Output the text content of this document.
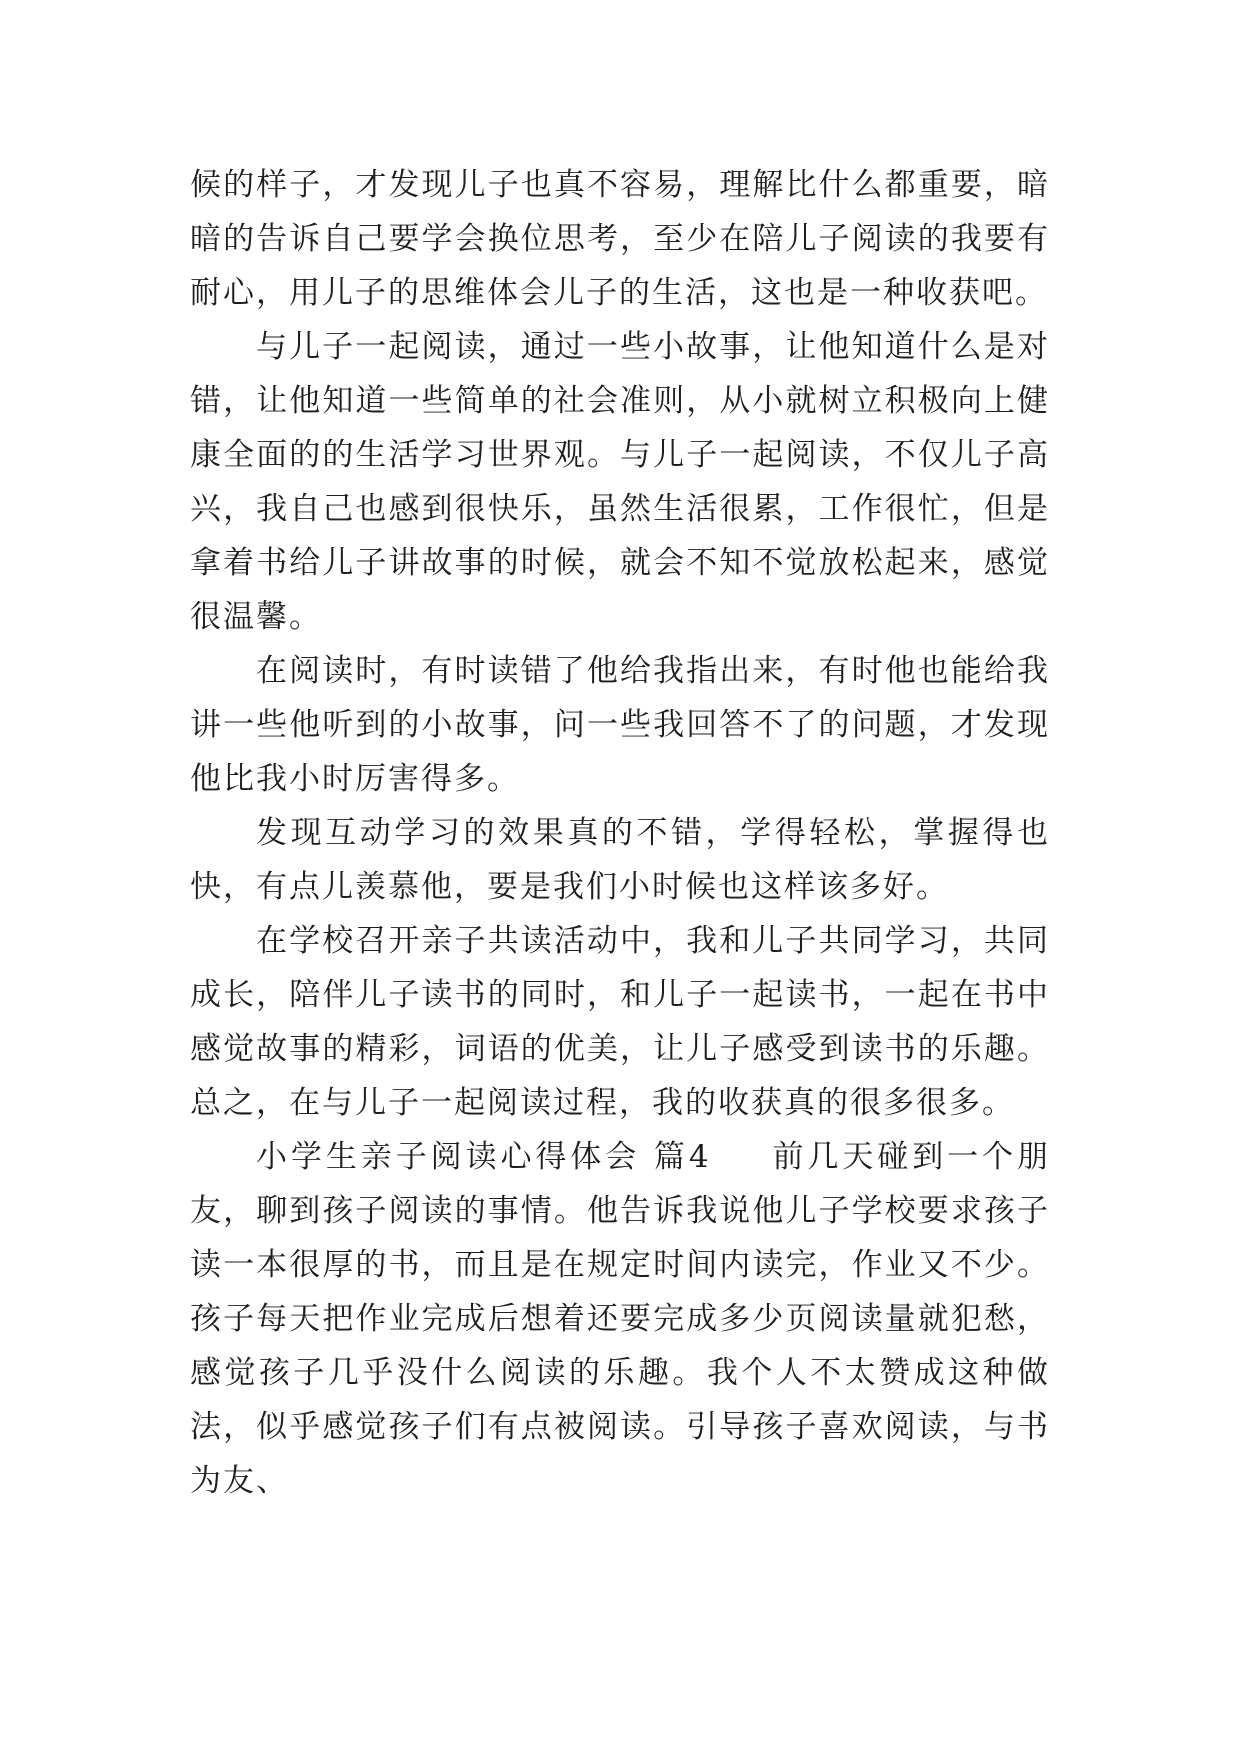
候的样子，才发现儿子也真不容易，理解比什么都重要，暗暗的告诉自己要学会换位思考，至少在陪儿子阅读的我要有耐心，用儿子的思维体会儿子的生活，这也是一种收获吧。

与儿子一起阅读，通过一些小故事，让他知道什么是对错，让他知道一些简单的社会准则，从小就树立积极向上健康全面的的生活学习世界观。与儿子一起阅读，不仅儿子高兴，我自己也感到很快乐，虽然生活很累，工作很忙，但是拿着书给儿子讲故事的时候，就会不知不觉放松起来，感觉很温馨。

在阅读时，有时读错了他给我指出来，有时他也能给我讲一些他听到的小故事，问一些我回答不了的问题，才发现他比我小时厉害得多。

发现互动学习的效果真的不错，学得轻松，掌握得也快，有点儿羡慕他，要是我们小时候也这样该多好。

在学校召开亲子共读活动中，我和儿子共同学习，共同成长，陪伴儿子读书的同时，和儿子一起读书，一起在书中感觉故事的精彩，词语的优美，让儿子感受到读书的乐趣。总之，在与儿子一起阅读过程，我的收获真的很多很多。

小学生亲子阅读心得体会 篇4 前几天碰到一个朋友，聊到孩子阅读的事情。他告诉我说他儿子学校要求孩子读一本很厚的书，而且是在规定时间内读完，作业又不少。孩子每天把作业完成后想着还要完成多少页阅读量就犯愁，感觉孩子几乎没什么阅读的乐趣。我个人不太赞成这种做法，似乎感觉孩子们有点被阅读。引导孩子喜欢阅读，与书为友、
